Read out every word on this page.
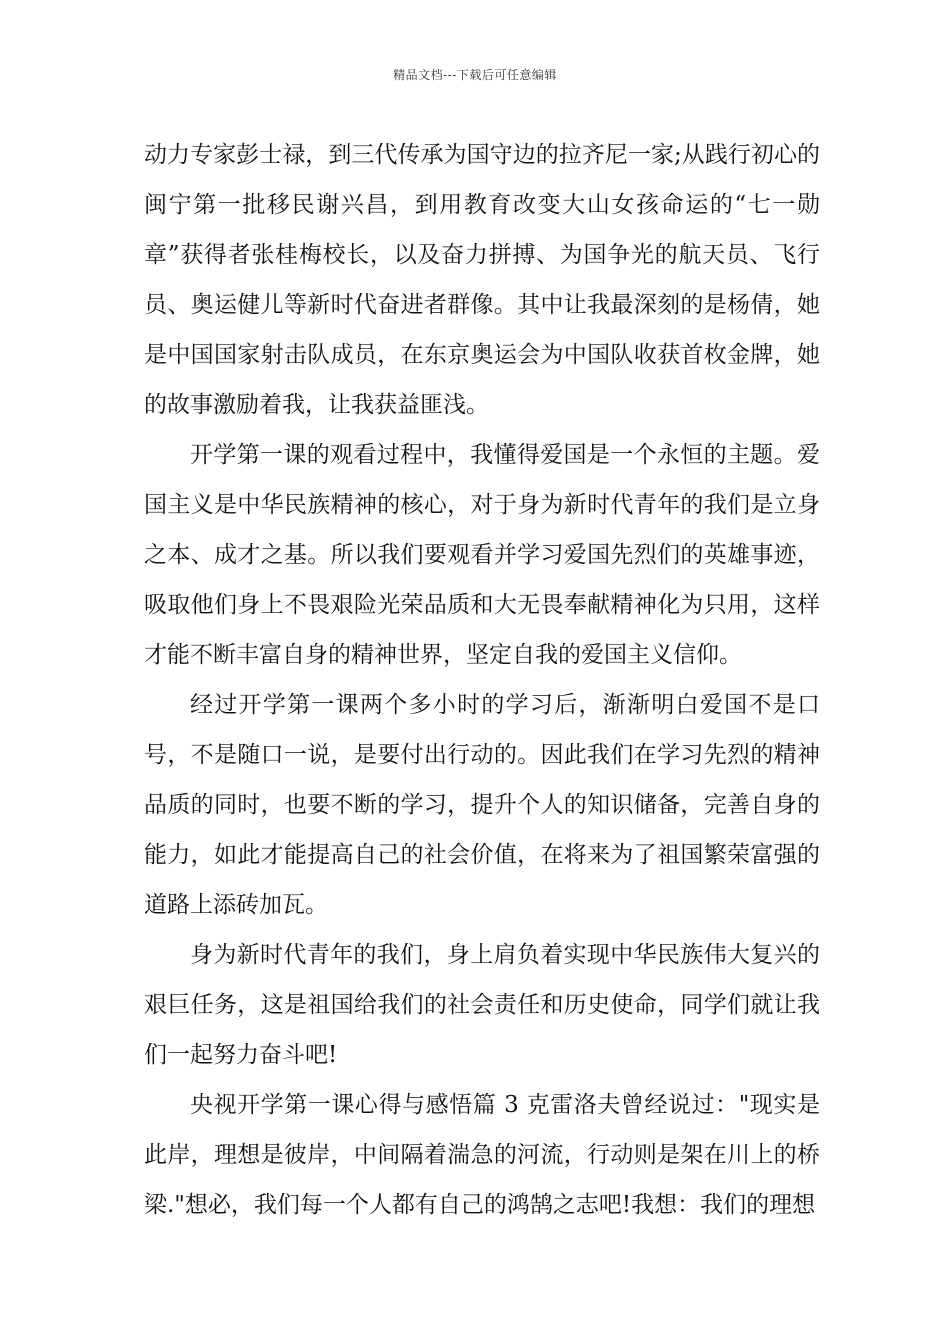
精品文档---下载后可任意编辑

动力专家彭士禄，到三代传承为国守边的拉齐尼一家;从践行初心的闽宁第一批移民谢兴昌，到用教育改变大山女孩命运的“七一勋章”获得者张桂梅校长，以及奋力拼搏、为国争光的航天员、飞行员、奥运健儿等新时代奋进者群像。其中让我最深刻的是杨倩，她是中国国家射击队成员，在东京奥运会为中国队收获首枚金牌，她的故事激励着我，让我获益匪浅。

开学第一课的观看过程中，我懂得爱国是一个永恒的主题。爱国主义是中华民族精神的核心，对于身为新时代青年的我们是立身之本、成才之基。所以我们要观看并学习爱国先烈们的英雄事迹，吸取他们身上不畏艰险光荣品质和大无畏奉献精神化为只用，这样才能不断丰富自身的精神世界，坚定自我的爱国主义信仰。

经过开学第一课两个多小时的学习后，渐渐明白爱国不是口号，不是随口一说，是要付出行动的。因此我们在学习先烈的精神品质的同时，也要不断的学习，提升个人的知识储备，完善自身的能力，如此才能提高自己的社会价值，在将来为了祖国繁荣富强的道路上添砖加瓦。

身为新时代青年的我们，身上肩负着实现中华民族伟大复兴的艰巨任务，这是祖国给我们的社会责任和历史使命，同学们就让我们一起努力奋斗吧!

央视开学第一课心得与感悟篇 3 克雷洛夫曾经说过："现实是此岸，理想是彼岸，中间隔着湍急的河流，行动则是架在川上的桥梁."想必，我们每一个人都有自己的鸿鹄之志吧!我想：我们的理想
